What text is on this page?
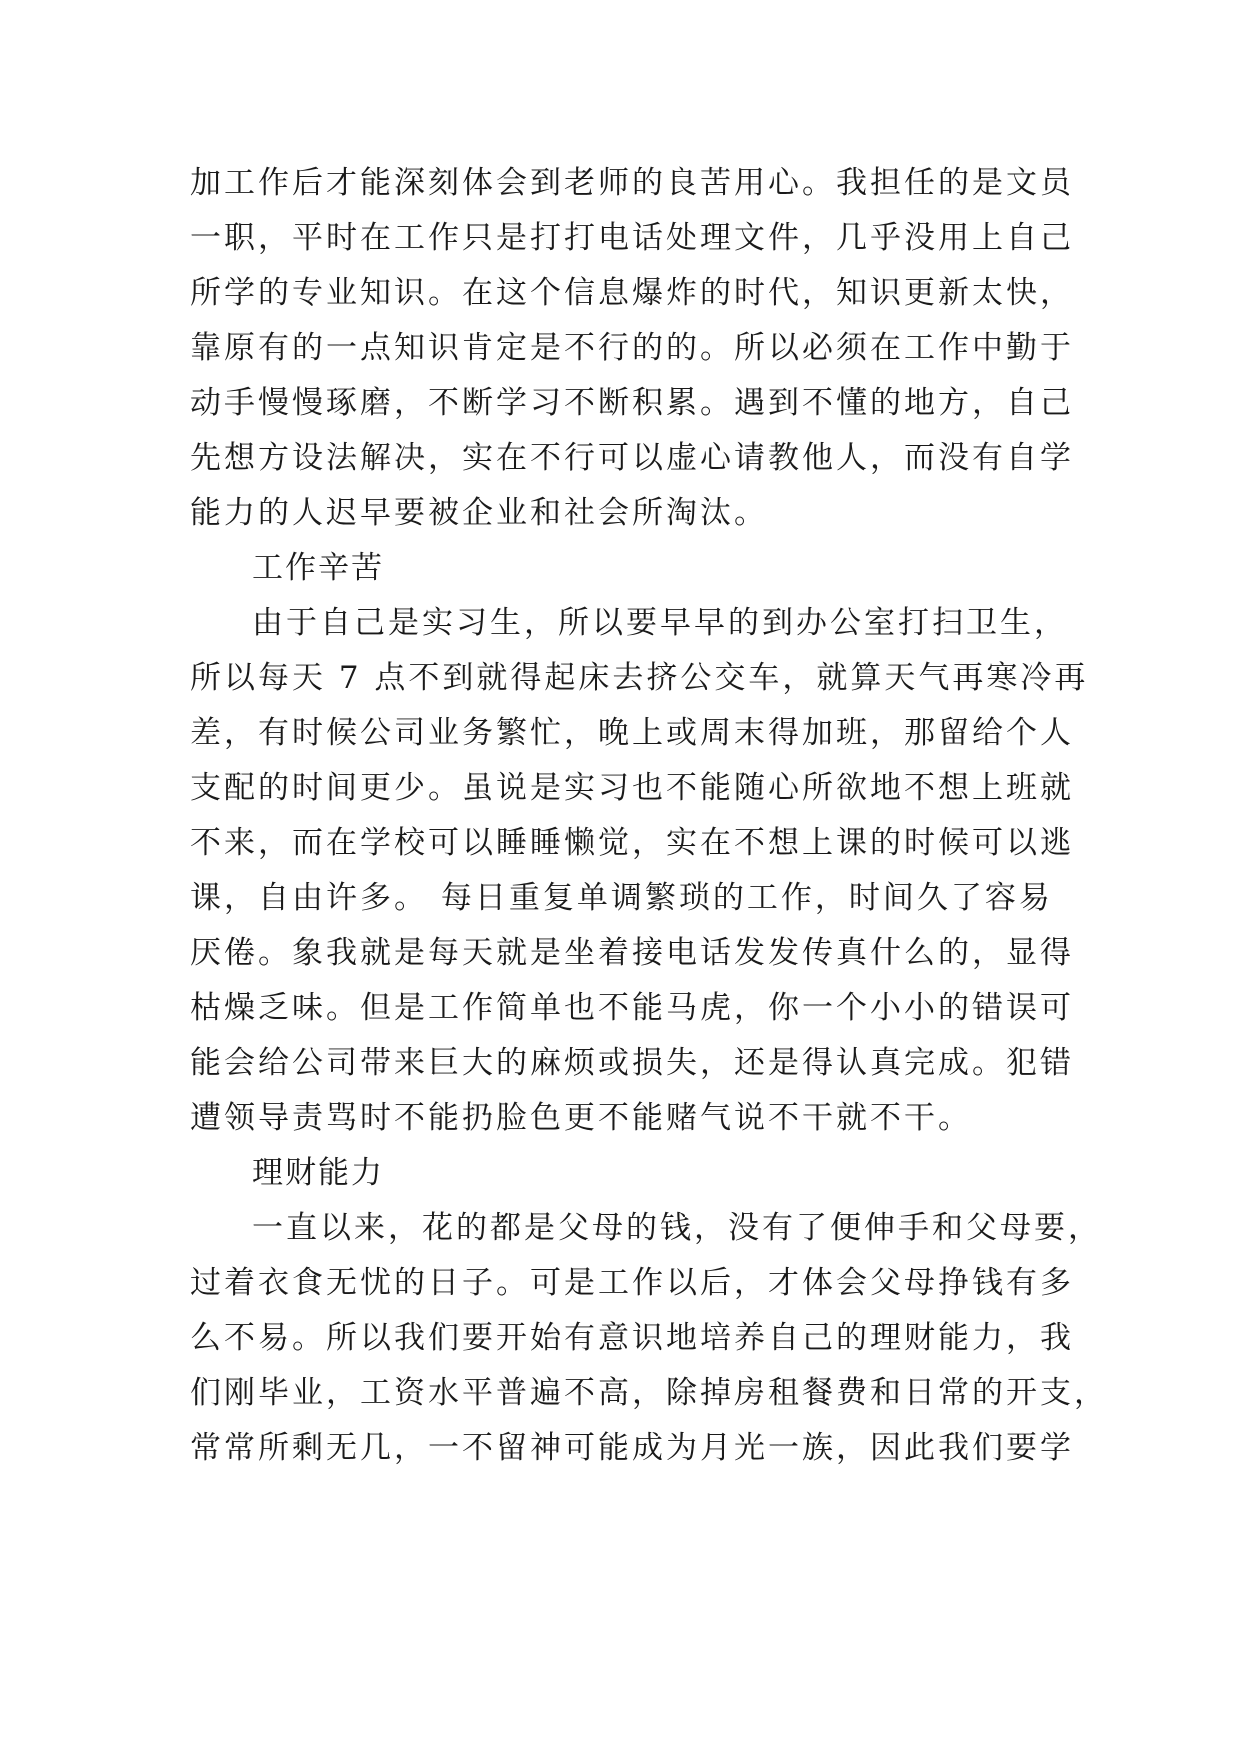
加工作后才能深刻体会到老师的良苦用心。我担任的是文员
一职，平时在工作只是打打电话处理文件，几乎没用上自己
所学的专业知识。在这个信息爆炸的时代，知识更新太快，
靠原有的一点知识肯定是不行的的。所以必须在工作中勤于
动手慢慢琢磨，不断学习不断积累。遇到不懂的地方，自己
先想方设法解决，实在不行可以虚心请教他人，而没有自学
能力的人迟早要被企业和社会所淘汰。
工作辛苦
由于自己是实习生，所以要早早的到办公室打扫卫生，
所以每天 7 点不到就得起床去挤公交车，就算天气再寒冷再
差，有时候公司业务繁忙，晚上或周末得加班，那留给个人
支配的时间更少。虽说是实习也不能随心所欲地不想上班就
不来，而在学校可以睡睡懒觉，实在不想上课的时候可以逃
课，自由许多。 每日重复单调繁琐的工作，时间久了容易
厌倦。象我就是每天就是坐着接电话发发传真什么的，显得
枯燥乏味。但是工作简单也不能马虎，你一个小小的错误可
能会给公司带来巨大的麻烦或损失，还是得认真完成。犯错
遭领导责骂时不能扔脸色更不能赌气说不干就不干。
理财能力
一直以来，花的都是父母的钱，没有了便伸手和父母要，
过着衣食无忧的日子。可是工作以后，才体会父母挣钱有多
么不易。所以我们要开始有意识地培养自己的理财能力，我
们刚毕业，工资水平普遍不高，除掉房租餐费和日常的开支，
常常所剩无几，一不留神可能成为月光一族，因此我们要学
